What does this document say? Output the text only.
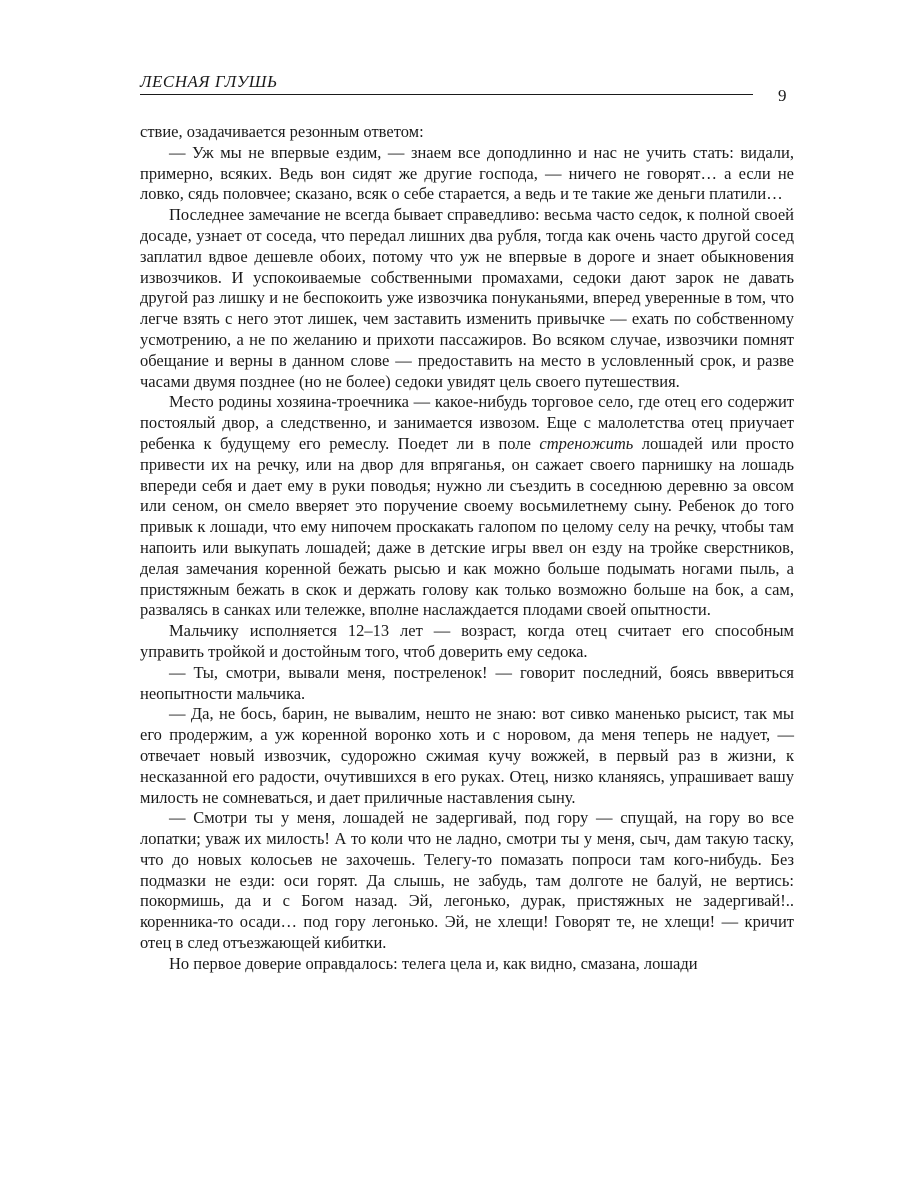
ЛЕСНАЯ ГЛУШЬ
9

ствие, озадачивается резонным ответом:

— Уж мы не впервые ездим, — знаем все доподлинно и нас не учить стать: видали, примерно, всяких. Ведь вон сидят же другие господа, — ничего не говорят… а если не ловко, сядь половчее; сказано, всяк о себе старается, а ведь и те такие же деньги платили…

Последнее замечание не всегда бывает справедливо: весьма часто седок, к полной своей досаде, узнает от соседа, что передал лишних два рубля, тогда как очень часто другой сосед заплатил вдвое дешевле обоих, потому что уж не впервые в дороге и знает обыкновения извозчиков. И успокоиваемые собственными промахами, седоки дают зарок не давать другой раз лишку и не беспокоить уже извозчика понуканьями, вперед уверенные в том, что легче взять с него этот лишек, чем заставить изменить привычке — ехать по собственному усмотрению, а не по желанию и прихоти пассажиров. Во всяком случае, извозчики помнят обещание и верны в данном слове — предоставить на место в условленный срок, и разве часами двумя позднее (но не более) седоки увидят цель своего путешествия.

Место родины хозяина-троечника — какое-нибудь торговое село, где отец его содержит постоялый двор, а следственно, и занимается извозом. Еще с малолетства отец приучает ребенка к будущему его ремеслу. Поедет ли в поле стреножить лошадей или просто привести их на речку, или на двор для впряганья, он сажает своего парнишку на лошадь впереди себя и дает ему в руки поводья; нужно ли съездить в соседнюю деревню за овсом или сеном, он смело вверяет это поручение своему восьмилетнему сыну. Ребенок до того привык к лошади, что ему нипочем проскакать галопом по целому селу на речку, чтобы там напоить или выкупать лошадей; даже в детские игры ввел он езду на тройке сверстников, делая замечания коренной бежать рысью и как можно больше подымать ногами пыль, а пристяжным бежать в скок и держать голову как только возможно больше на бок, а сам, развалясь в санках или тележке, вполне наслаждается плодами своей опытности.

Мальчику исполняется 12–13 лет — возраст, когда отец считает его способным управить тройкой и достойным того, чтоб доверить ему седока.

— Ты, смотри, вывали меня, постреленок! — говорит последний, боясь вввериться неопытности мальчика.

— Да, не бось, барин, не вывалим, нешто не знаю: вот сивко маненько рысист, так мы его продержим, а уж коренной воронко хоть и с норовом, да меня теперь не надует, — отвечает новый извозчик, судорожно сжимая кучу вожжей, в первый раз в жизни, к несказанной его радости, очутившихся в его руках. Отец, низко кланяясь, упрашивает вашу милость не сомневаться, и дает приличные наставления сыну.

— Смотри ты у меня, лошадей не задергивай, под гору — спущай, на гору во все лопатки; уваж их милость! А то коли что не ладно, смотри ты у меня, сыч, дам такую таску, что до новых колосьев не захочешь. Телегу-то помазать попроси там кого-нибудь. Без подмазки не езди: оси горят. Да слышь, не забудь, там долготе не балуй, не вертись: покормишь, да и с Богом назад. Эй, легонько, дурак, пристяжных не задергивай!.. коренника-то осади… под гору легонько. Эй, не хлещи! Говорят те, не хлещи! — кричит отец в след отъезжающей кибитки.

Но первое доверие оправдалось: телега цела и, как видно, смазана, лошади
